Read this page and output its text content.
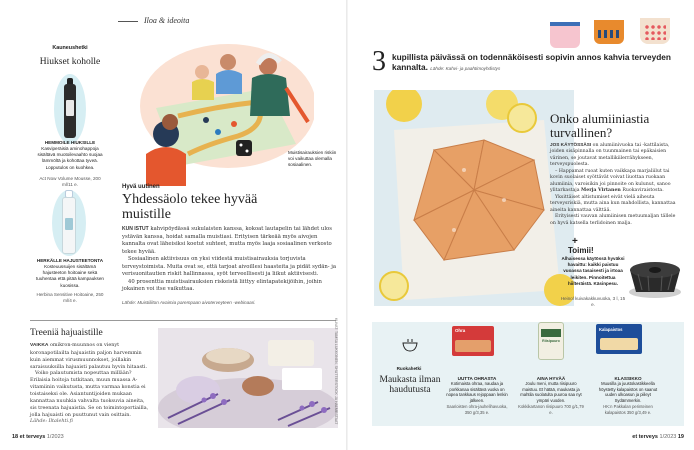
Iloa & ideoita
Kauneushetki
Hiukset koholle
HEMMOILE HIUKSILLE
Kasviperäisiä aminohappoja sisältävä muotoilevaahto suojaa lämmöltä ja kohottaa tyveä. Lopputulos on kuohkea.
Act Now Volume Mousse, 200 ml/11 e.
HERKÄLLE HAJUSTEETONTA
Kosteuussuijen sisältämä hajusteeton hoitoaine sekä tuuhentaa että pitää kampauksen kuosissa.
Herbina Sensitive Hoitoaine, 250 ml/4 e.
Muistisairauksien riskiin voi vaikuttaa olemalla sosiaalinen.
Hyvä uutinen
Yhdessäolo tekee hyvää muistille
KUN ISTUT kahvipöydässä sukulaisten kanssa, kokoat lautapelin tai lähdet ulos ystävän kanssa, hoidat samalla muistiasi. Erityisen tärkeää myös aivojen kannalta ovat läheisiksi koetut suhteet, mutta myös laaja sosiaalinen verkosto tekee hyvää.
Sosiaalinen aktiivisuus on yksi viidestä muistisairauksia torjuvista terveystoimista. Muita ovat se, että tarjoat aivoillesi haasteita ja pidät sydän- ja verisuonitautien riskit hallinnassa, syöt terveellisesti ja liikut aktiivisesti.
40 prosenttia muistisairauksien riskeistä liittyy elintapatekijöihin, joihin jokainen voi itse vaikuttaa.
Lähde: Muistiliiton Avaimia parempaan aivoterveyteen -webinaari.
Treeniä hajuaistille
VAIKKA omikron-muunnos on vienyt koronapotilailta hajuaistin paljon harvemmin kuin aiemmat virusmuunnokset, joillakin saraisuuksilla hajuaisti palautuu hyvin hitaasti.
Voiko palautumista nopeuttaa millään? Erilaisia hoitoja tutkitaan, muun muassa A-vitamiinin vaikutusta, mutta varmaa konstia ei toistaiseksi ole. Asiantuntijoiden mukaan kannattaa nuuhkia vahvalta tuoksuvia aineita, sis treenata hajuaistia. Se on toimintoportiailla, jolla hajuaisti on puuttunut vain osittain.
Lähde: Iltalehti.fi	KUVAT: TAMSA LUKKONEN, SHUTTERSTOCK JA HALMESTAAT
18 et terveys 1/2023
3 kupillista päivässä on todennäköisesti sopivin annos kahvia terveyden kannalta. Lähde: Kahvi- ja paahtimoyhdistys
Onko alumiiniastia turvallinen?
JOS KÄYTÖSSÄSI on alumiinivuoka tai -kattilaista, joiden sisäpinnalla on tuunmainen tai epäkaisien värinen, se joutavat metallikiilerrähykseen, terveyspuolesta.
– Happamat ruoat kuten vaikkapa marjaliilut tai kovin suolaiset syöttävät voivat liuottaa ruokaan alumiinia, varoisikin joi pinnoite on kulunut, sanoo ylitarkastaja Merja Virtanen Ruokaviraistosta.
Yksittäiset altistumiset eivät vielä aiheuta terveysriskiä, mutta aina kun mahdollista, kannattaa aineita kannattaa välttää.
Erityisesti vauvan alumiinisen metuumaljan tällele on hyvä katsella terlidoinen malja.
+
Toimii!
Alhaisessa käytössä hyväksi havaittu: kaikki paistuu vuoassa tasaisesti ja irtoaa leikiten. Pinnoitettua hiilteräistä. Käsinpesu.
Heinol kuivakakkuvuoka, 3 l, 15 e.
Ruokahetki
Maukasta ilman haudutusta
Ohra
UUTTA OHRASTA
Kotimaista ohraa, naudaa ja porkkanaa sisältävä vuoka on nopea tankkaus rejoppaan lenkin jälkeen.
Saarioisten ohra-jauhelihavuoka, 350 g/3,35 e.
Riisipuuro
AINA HYVÄÄ
Joulu meni, mutta riisipuuro maistuu. Et hätää, maukasta ja mahtila suolatulta puuroa saa nyt ympäri vuoden.
Kokkikartanon riisipuuro 700 g/1,79 e.
Kalapaistos
KLASSIKKO
Muusilla ja juustokastikkeella höystetty kalapaistos on saanut uuden ulkoasun ja piileyt Sydämmerkin.
HK:n Pakkalan perinteinen kalapaistos 350 g/3,49 e.
et terveys 1/2023 19
